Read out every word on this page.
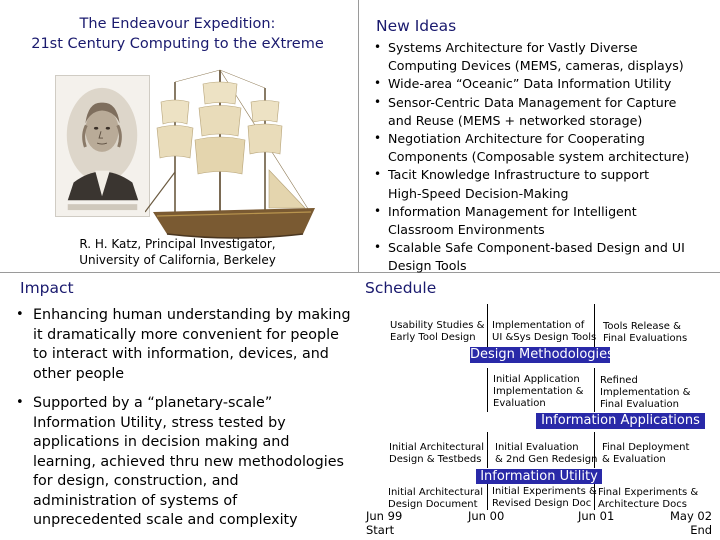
The Endeavour Expedition:
21st Century Computing to the eXtreme
R. H. Katz, Principal Investigator,
University of California, Berkeley
New Ideas
• Systems Architecture for Vastly Diverse
Computing Devices (MEMS, cameras, displays)
• Wide-area “Oceanic” Data Information Utility
• Sensor-Centric Data Management for Capture
and Reuse (MEMS + networked storage)
• Negotiation Architecture for Cooperating
Components (Composable system architecture)
• Tacit Knowledge Infrastructure to support
High-Speed Decision-Making
• Information Management for Intelligent
Classroom Environments
• Scalable Safe Component-based Design and UI
Design Tools
Impact
• Enhancing human understanding by making
it dramatically more convenient for people
to interact with information, devices, and
other people
• Supported by a “planetary-scale”
Information Utility, stress tested by
applications in decision making and
learning, achieved thru new methodologies
for design, construction, and
administration of systems of
unprecedented scale and complexity
Schedule
Usability Studies &
Early Tool Design
Implementation of
UI &Sys Design Tools
Tools Release &
Final Evaluations
Design Methodologies
Initial Application
Implementation &
Evaluation
Refined
Implementation &
Final Evaluation
Information Applications
Initial Architectural
Design & Testbeds
Initial Evaluation
& 2nd Gen Redesign
Final Deployment
& Evaluation
Information Utility
Initial Architectural
Design Document
Initial Experiments &
Revised Design Doc
Final Experiments &
Architecture Docs
Jun 99
Start
Jun 00	Jun 01	May 02
End
